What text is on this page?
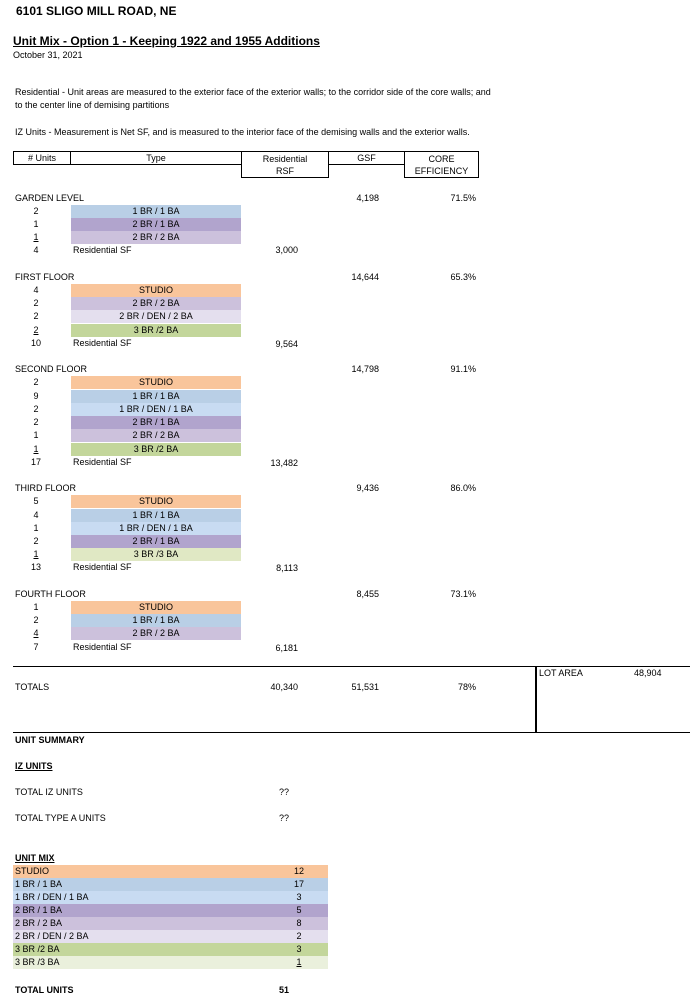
6101 SLIGO MILL ROAD, NE
Unit Mix - Option 1 - Keeping 1922 and 1955 Additions
October 31, 2021
Residential - Unit areas are measured to the exterior face of the exterior walls; to the corridor side of the core walls; and
to the center line of demising partitions
IZ Units - Measurement is Net SF, and is measured to the interior face of the demising walls and the exterior walls.
# Units	Type	Residential
RSF
GSF	CORE
EFFICIENCY
GARDEN LEVEL	4,198	71.5%
2	1 BR / 1 BA
1	2 BR / 1 BA
1	2 BR / 2 BA
4	Residential SF	3,000
FIRST FLOOR	14,644	65.3%
4	STUDIO
2	2 BR / 2 BA
2	2 BR / DEN / 2 BA
2	3 BR /2 BA
10	Residential SF	9,564
SECOND FLOOR	14,798	91.1%
2	STUDIO
9	1 BR / 1 BA
2	1 BR / DEN / 1 BA
2	2 BR / 1 BA
1	2 BR / 2 BA
1	3 BR /2 BA
17	Residential SF	13,482
THIRD FLOOR	9,436	86.0%
5	STUDIO
4	1 BR / 1 BA
1	1 BR / DEN / 1 BA
2	2 BR / 1 BA
1	3 BR /3 BA
13	Residential SF	8,113
FOURTH FLOOR	8,455	73.1%
1	STUDIO
2	1 BR / 1 BA
4	2 BR / 2 BA
7	Residential SF	6,181
TOTALS	40,340	51,531	78%
LOT AREA	48,904
UNIT SUMMARY
IZ UNITS
TOTAL IZ UNITS	??
TOTAL TYPE A UNITS	??
UNIT MIX
STUDIO	12
1 BR / 1 BA	17
1 BR / DEN / 1 BA	3
2 BR / 1 BA	5
2 BR / 2 BA	8
2 BR / DEN / 2 BA	2
3 BR /2 BA	3
3 BR /3 BA	1
TOTAL UNITS	51
